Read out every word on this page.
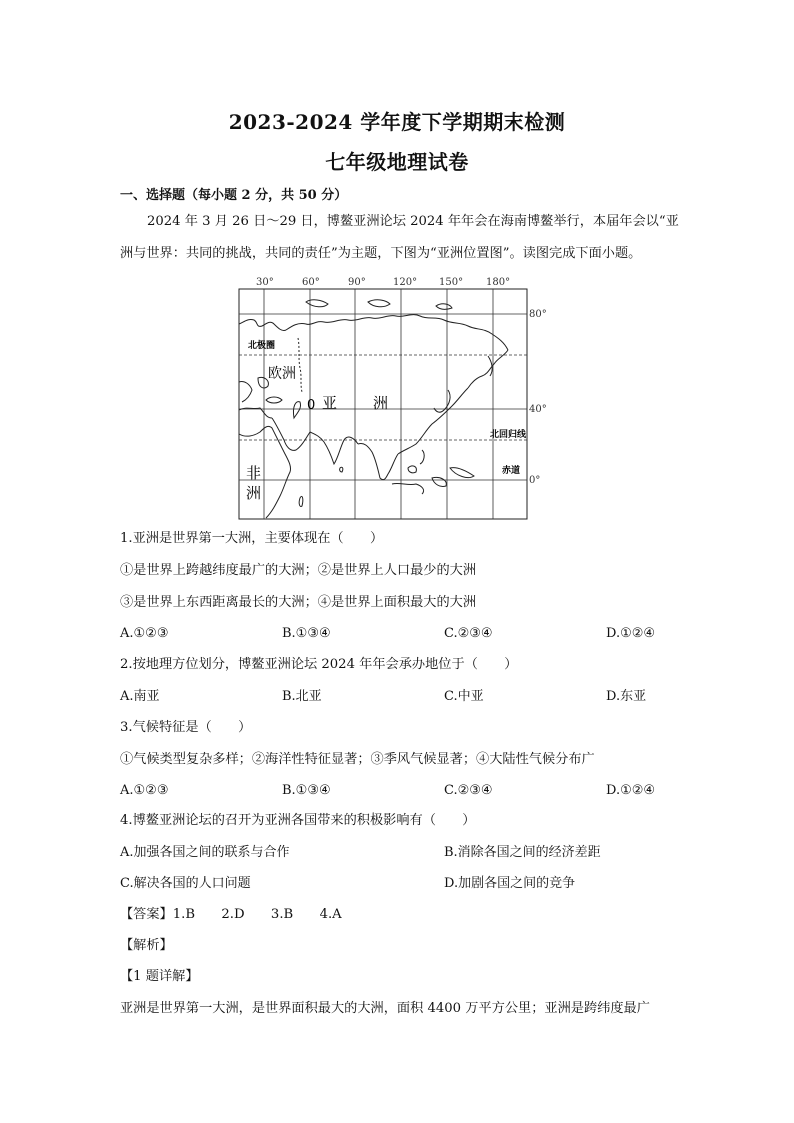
2023-2024 学年度下学期期末检测
七年级地理试卷
一、选择题（每小题 2 分，共 50 分）
2024 年 3 月 26 日～29 日，博鳌亚洲论坛 2024 年年会在海南博鳌举行，本届年会以“亚
洲与世界：共同的挑战，共同的责任”为主题，下图为“亚洲位置图”。读图完成下面小题。
30°	60°	90°	120° 150° 180°
80°
40°
0°
北极圈
欧洲
0 亚 洲
北回归线
赤道
非
洲
1.亚洲是世界第一大洲，主要体现在（　　）
①是世界上跨越纬度最广的大洲；②是世界上人口最少的大洲
③是世界上东西距离最长的大洲；④是世界上面积最大的大洲
A.①②③	B.①③④	C.②③④	D.①②④
2.按地理方位划分，博鳌亚洲论坛 2024 年年会承办地位于（　　）
A.南亚	B.北亚	C.中亚	D.东亚
3.气候特征是（　　）
①气候类型复杂多样；②海洋性特征显著；③季风气候显著；④大陆性气候分布广
A.①②③	B.①③④	C.②③④	D.①②④
4.博鳌亚洲论坛的召开为亚洲各国带来的积极影响有（　　）
A.加强各国之间的联系与合作	B.消除各国之间的经济差距
C.解决各国的人口问题	D.加剧各国之间的竞争
【答案】1.B　　2.D　　3.B　　4.A
【解析】
【1 题详解】
亚洲是世界第一大洲，是世界面积最大的大洲，面积 4400 万平方公里；亚洲是跨纬度最广
